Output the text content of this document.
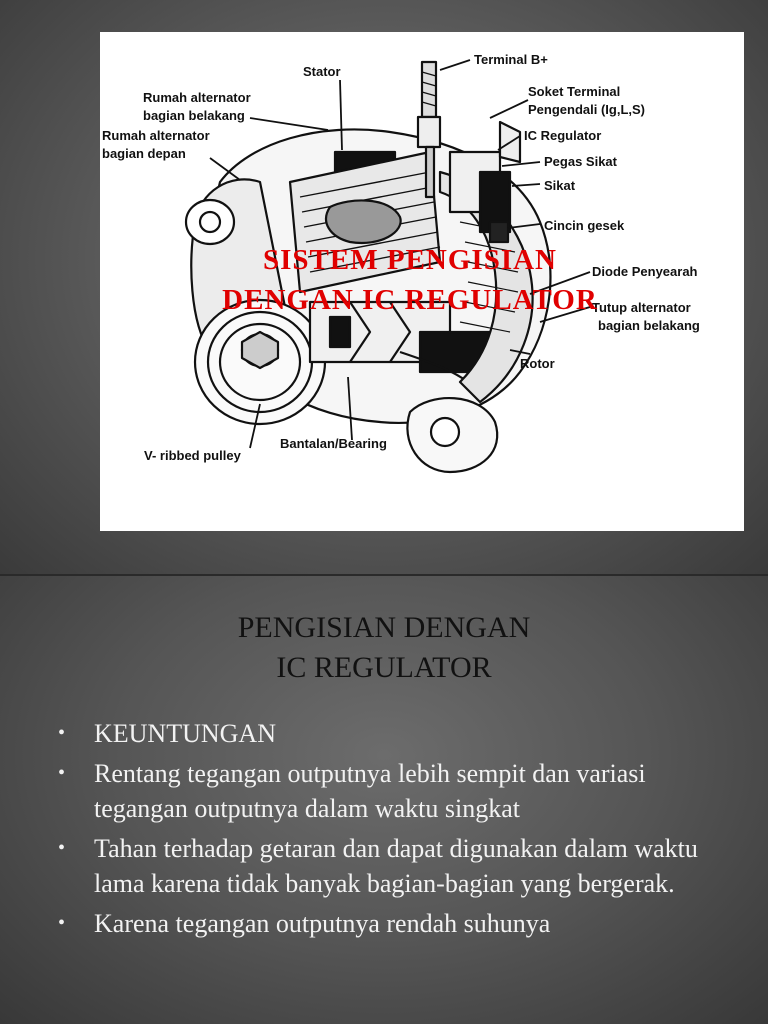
Stator
Rumah alternator
bagian belakang
Rumah alternator
bagian depan
Terminal B+
Soket Terminal
Pengendali (Ig,L,S)
IC Regulator
Pegas Sikat
Sikat
Cincin gesek
Diode Penyearah
Tutup alternator
bagian belakang
Rotor
Bantalan/Bearing
V- ribbed pulley
SISTEM PENGISIAN
DENGAN IC REGULATOR
PENGISIAN DENGAN
IC REGULATOR
• KEUNTUNGAN
• Rentang tegangan outputnya lebih sempit dan variasi tegangan outputnya dalam waktu singkat
• Tahan terhadap getaran dan dapat digunakan dalam waktu lama karena tidak banyak bagian-bagian yang bergerak.
• Karena tegangan outputnya rendah suhunya
